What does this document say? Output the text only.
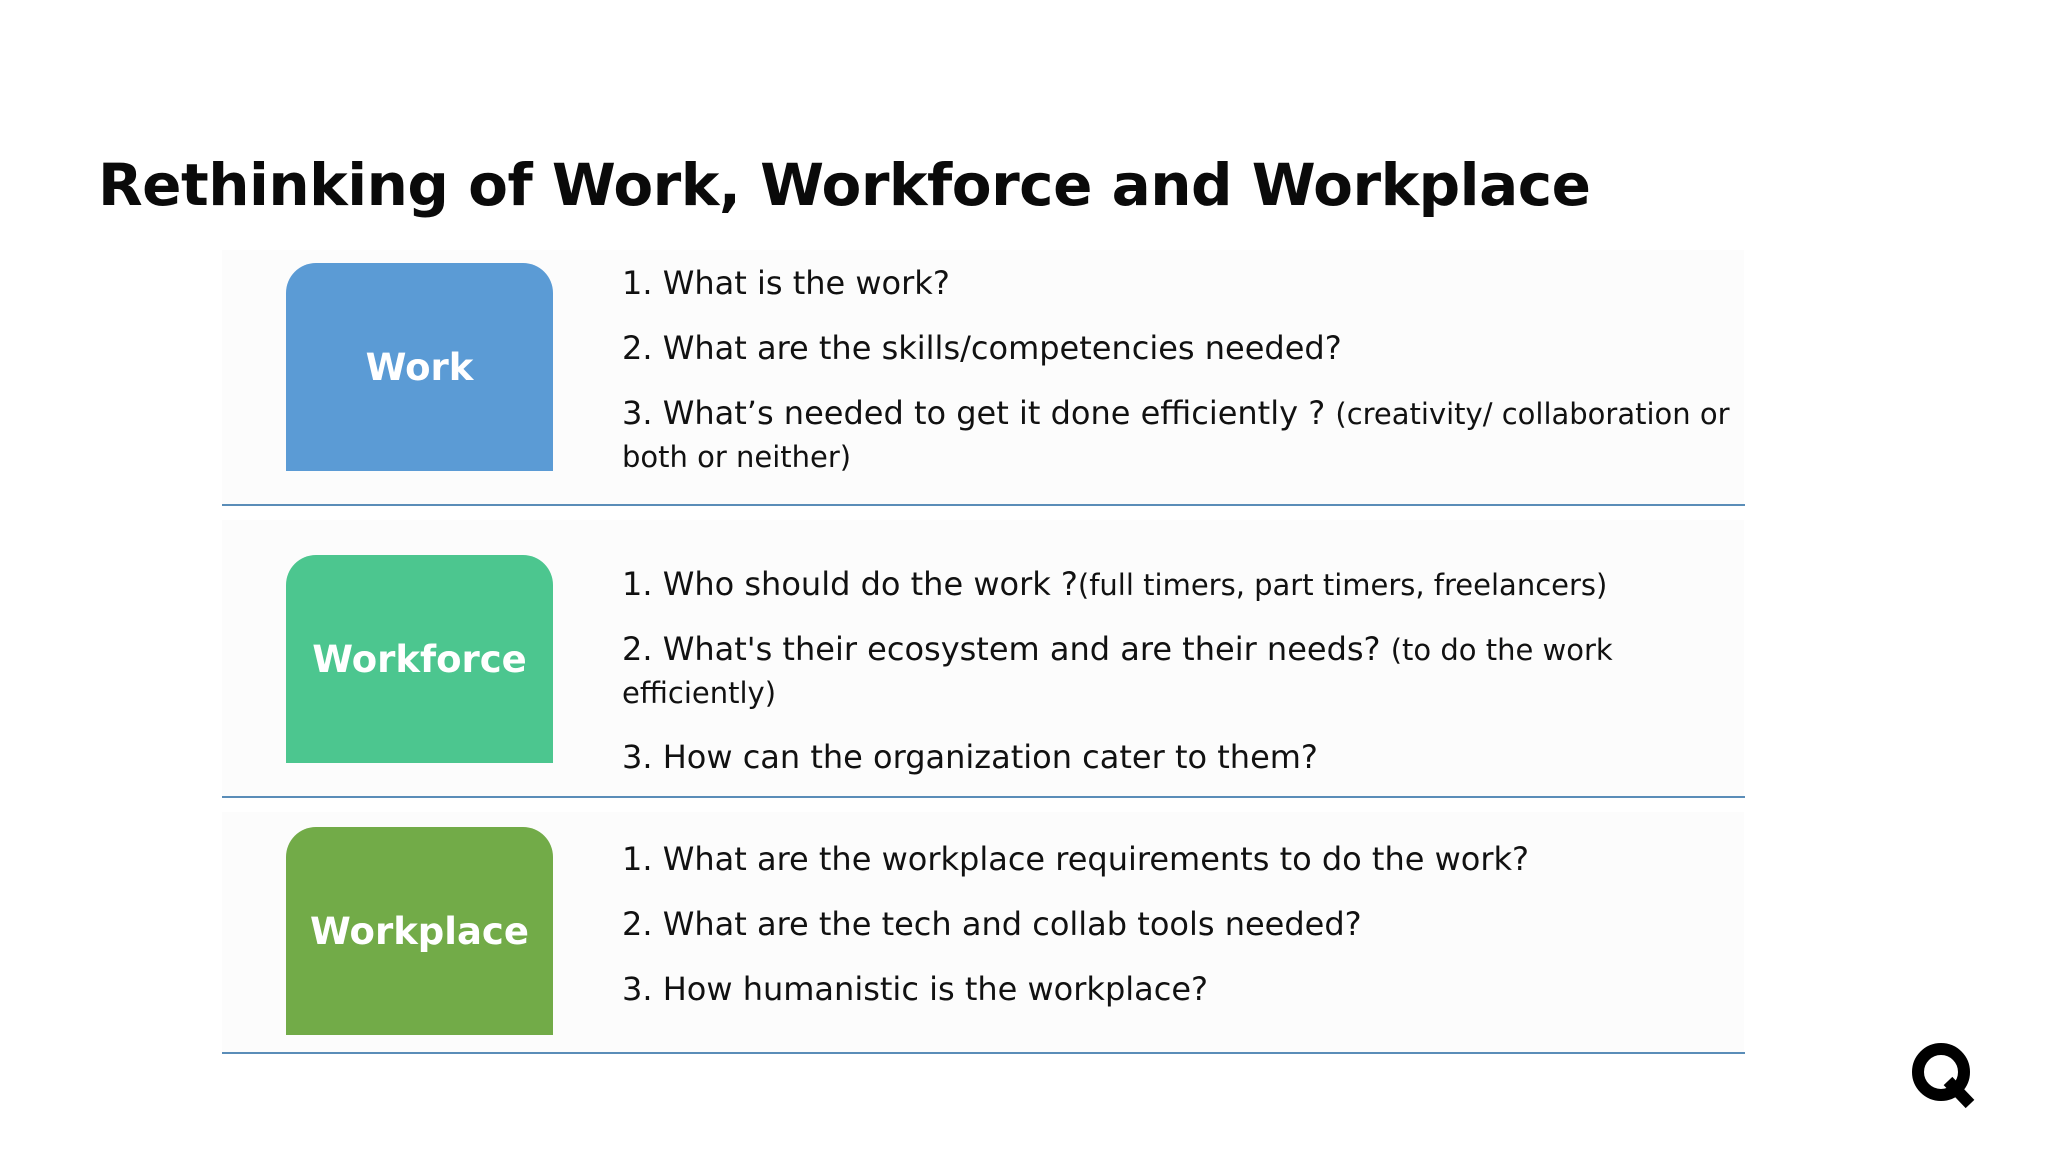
Rethinking of Work, Workforce and Workplace
Work
1. What is the work?
2. What are the skills/competencies needed?
3. What’s needed to get it done efficiently ? (creativity/ collaboration or both or neither)
Workforce
1. Who should do the work ?(full timers, part timers, freelancers)
2. What's their ecosystem and are their needs? (to do the work efficiently)
3. How can the organization cater to them?
Workplace
1. What are the workplace requirements to do the work?
2. What are the tech and collab tools needed?
3. How humanistic is the workplace?
